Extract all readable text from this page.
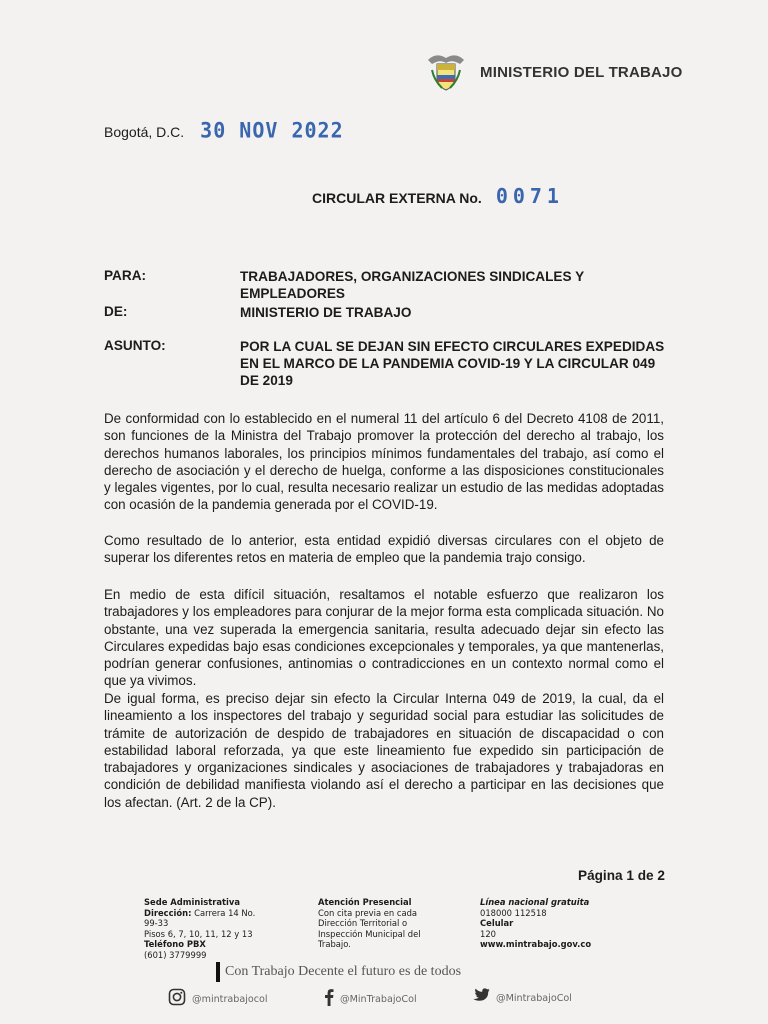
MINISTERIO DEL TRABAJO
Bogotá, D.C. 30 NOV 2022
CIRCULAR EXTERNA No. 0071
PARA:	TRABAJADORES, ORGANIZACIONES SINDICALES Y EMPLEADORES
DE:	MINISTERIO DE TRABAJO
ASUNTO:	POR LA CUAL SE DEJAN SIN EFECTO CIRCULARES EXPEDIDAS EN EL MARCO DE LA PANDEMIA COVID-19 Y LA CIRCULAR 049 DE 2019

De conformidad con lo establecido en el numeral 11 del artículo 6 del Decreto 4108 de 2011, son funciones de la Ministra del Trabajo promover la protección del derecho al trabajo, los derechos humanos laborales, los principios mínimos fundamentales del trabajo, así como el derecho de asociación y el derecho de huelga, conforme a las disposiciones constitucionales y legales vigentes, por lo cual, resulta necesario realizar un estudio de las medidas adoptadas con ocasión de la pandemia generada por el COVID-19.

Como resultado de lo anterior, esta entidad expidió diversas circulares con el objeto de superar los diferentes retos en materia de empleo que la pandemia trajo consigo.

En medio de esta difícil situación, resaltamos el notable esfuerzo que realizaron los trabajadores y los empleadores para conjurar de la mejor forma esta complicada situación. No obstante, una vez superada la emergencia sanitaria, resulta adecuado dejar sin efecto las Circulares expedidas bajo esas condiciones excepcionales y temporales, ya que mantenerlas, podrían generar confusiones, antinomias o contradicciones en un contexto normal como el que ya vivimos.

De igual forma, es preciso dejar sin efecto la Circular Interna 049 de 2019, la cual, da el lineamiento a los inspectores del trabajo y seguridad social para estudiar las solicitudes de trámite de autorización de despido de trabajadores en situación de discapacidad o con estabilidad laboral reforzada, ya que este lineamiento fue expedido sin participación de trabajadores y organizaciones sindicales y asociaciones de trabajadores y trabajadoras en condición de debilidad manifiesta violando así el derecho a participar en las decisiones que los afectan. (Art. 2 de la CP).

Página 1 de 2
Sede Administrativa
Dirección: Carrera 14 No.
99-33
Pisos 6, 7, 10, 11, 12 y 13
Teléfono PBX
(601) 3779999
Atención Presencial
Con cita previa en cada
Dirección Territorial o
Inspección Municipal del
Trabajo.
Línea nacional gratuita
018000 112518
Celular
120
www.mintrabajo.gov.co
Con Trabajo Decente el futuro es de todos
@mintrabajocol	@MinTrabajoCol	@MintrabajoCol
